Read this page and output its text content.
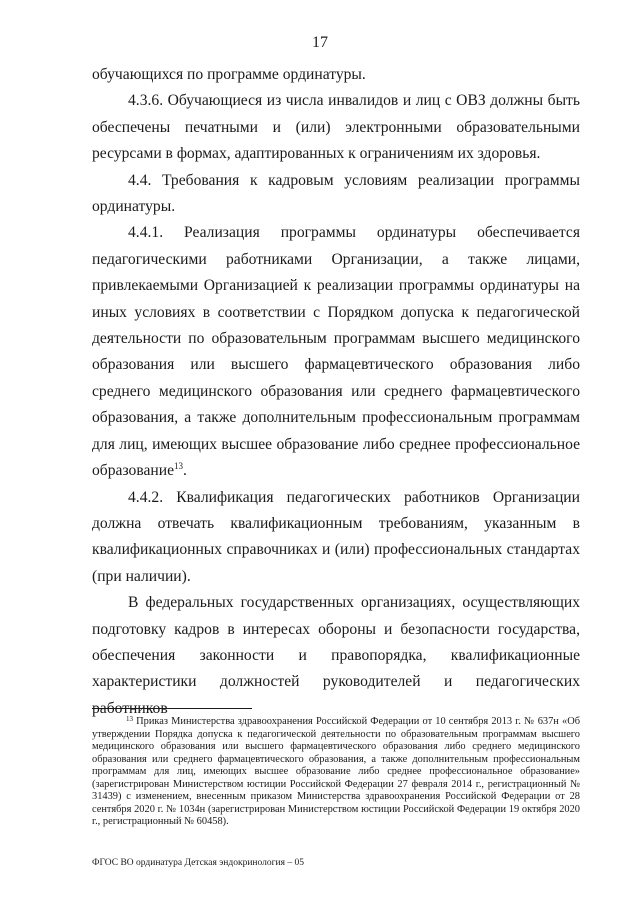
17

обучающихся по программе ординатуры.

4.3.6. Обучающиеся из числа инвалидов и лиц с ОВЗ должны быть обеспечены печатными и (или) электронными образовательными ресурсами в формах, адаптированных к ограничениям их здоровья.

4.4. Требования к кадровым условиям реализации программы ординатуры.

4.4.1. Реализация программы ординатуры обеспечивается педагогическими работниками Организации, а также лицами, привлекаемыми Организацией к реализации программы ординатуры на иных условиях в соответствии с Порядком допуска к педагогической деятельности по образовательным программам высшего медицинского образования или высшего фармацевтического образования либо среднего медицинского образования или среднего фармацевтического образования, а также дополнительным профессиональным программам для лиц, имеющих высшее образование либо среднее профессиональное образование$^{13}$.

4.4.2. Квалификация педагогических работников Организации должна отвечать квалификационным требованиям, указанным в квалификационных справочниках и (или) профессиональных стандартах (при наличии).

В федеральных государственных организациях, осуществляющих подготовку кадров в интересах обороны и безопасности государства, обеспечения законности и правопорядка, квалификационные характеристики должностей руководителей и педагогических работников

$^{13}$ Приказ Министерства здравоохранения Российской Федерации от 10 сентября 2013 г. № 637н «Об утверждении Порядка допуска к педагогической деятельности по образовательным программам высшего медицинского образования или высшего фармацевтического образования либо среднего медицинского образования или среднего фармацевтического образования, а также дополнительным профессиональным программам для лиц, имеющих высшее образование либо среднее профессиональное образование» (зарегистрирован Министерством юстиции Российской Федерации 27 февраля 2014 г., регистрационный № 31439) с изменением, внесенным приказом Министерства здравоохранения Российской Федерации от 28 сентября 2020 г. № 1034н (зарегистрирован Министерством юстиции Российской Федерации 19 октября 2020 г., регистрационный № 60458).

ФГОС ВО ординатура Детская эндокринология – 05
